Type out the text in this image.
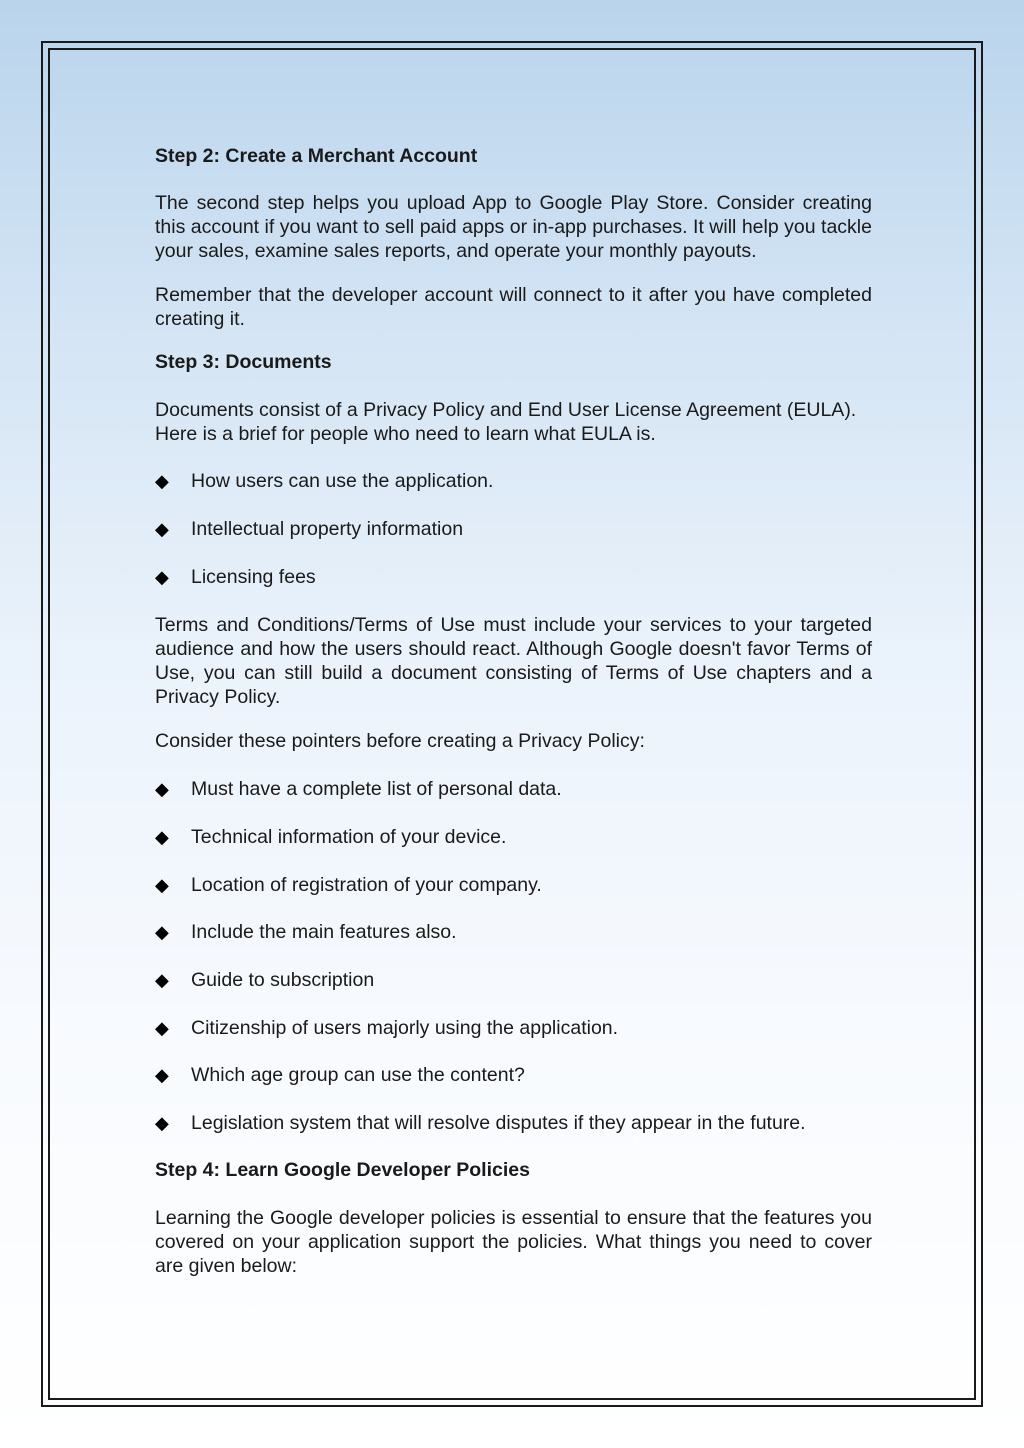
Step 2: Create a Merchant Account

The second step helps you upload App to Google Play Store. Consider creating this account if you want to sell paid apps or in-app purchases. It will help you tackle your sales, examine sales reports, and operate your monthly payouts.

Remember that the developer account will connect to it after you have completed creating it.

Step 3: Documents

Documents consist of a Privacy Policy and End User License Agreement (EULA).

Here is a brief for people who need to learn what EULA is.

◆	How users can use the application.
◆	Intellectual property information
◆	Licensing fees

Terms and Conditions/Terms of Use must include your services to your targeted audience and how the users should react. Although Google doesn't favor Terms of Use, you can still build a document consisting of Terms of Use chapters and a Privacy Policy.

Consider these pointers before creating a Privacy Policy:

◆	Must have a complete list of personal data.
◆	Technical information of your device.
◆	Location of registration of your company.
◆	Include the main features also.
◆	Guide to subscription
◆	Citizenship of users majorly using the application.
◆	Which age group can use the content?
◆	Legislation system that will resolve disputes if they appear in the future.

Step 4: Learn Google Developer Policies

Learning the Google developer policies is essential to ensure that the features you covered on your application support the policies. What things you need to cover are given below:
